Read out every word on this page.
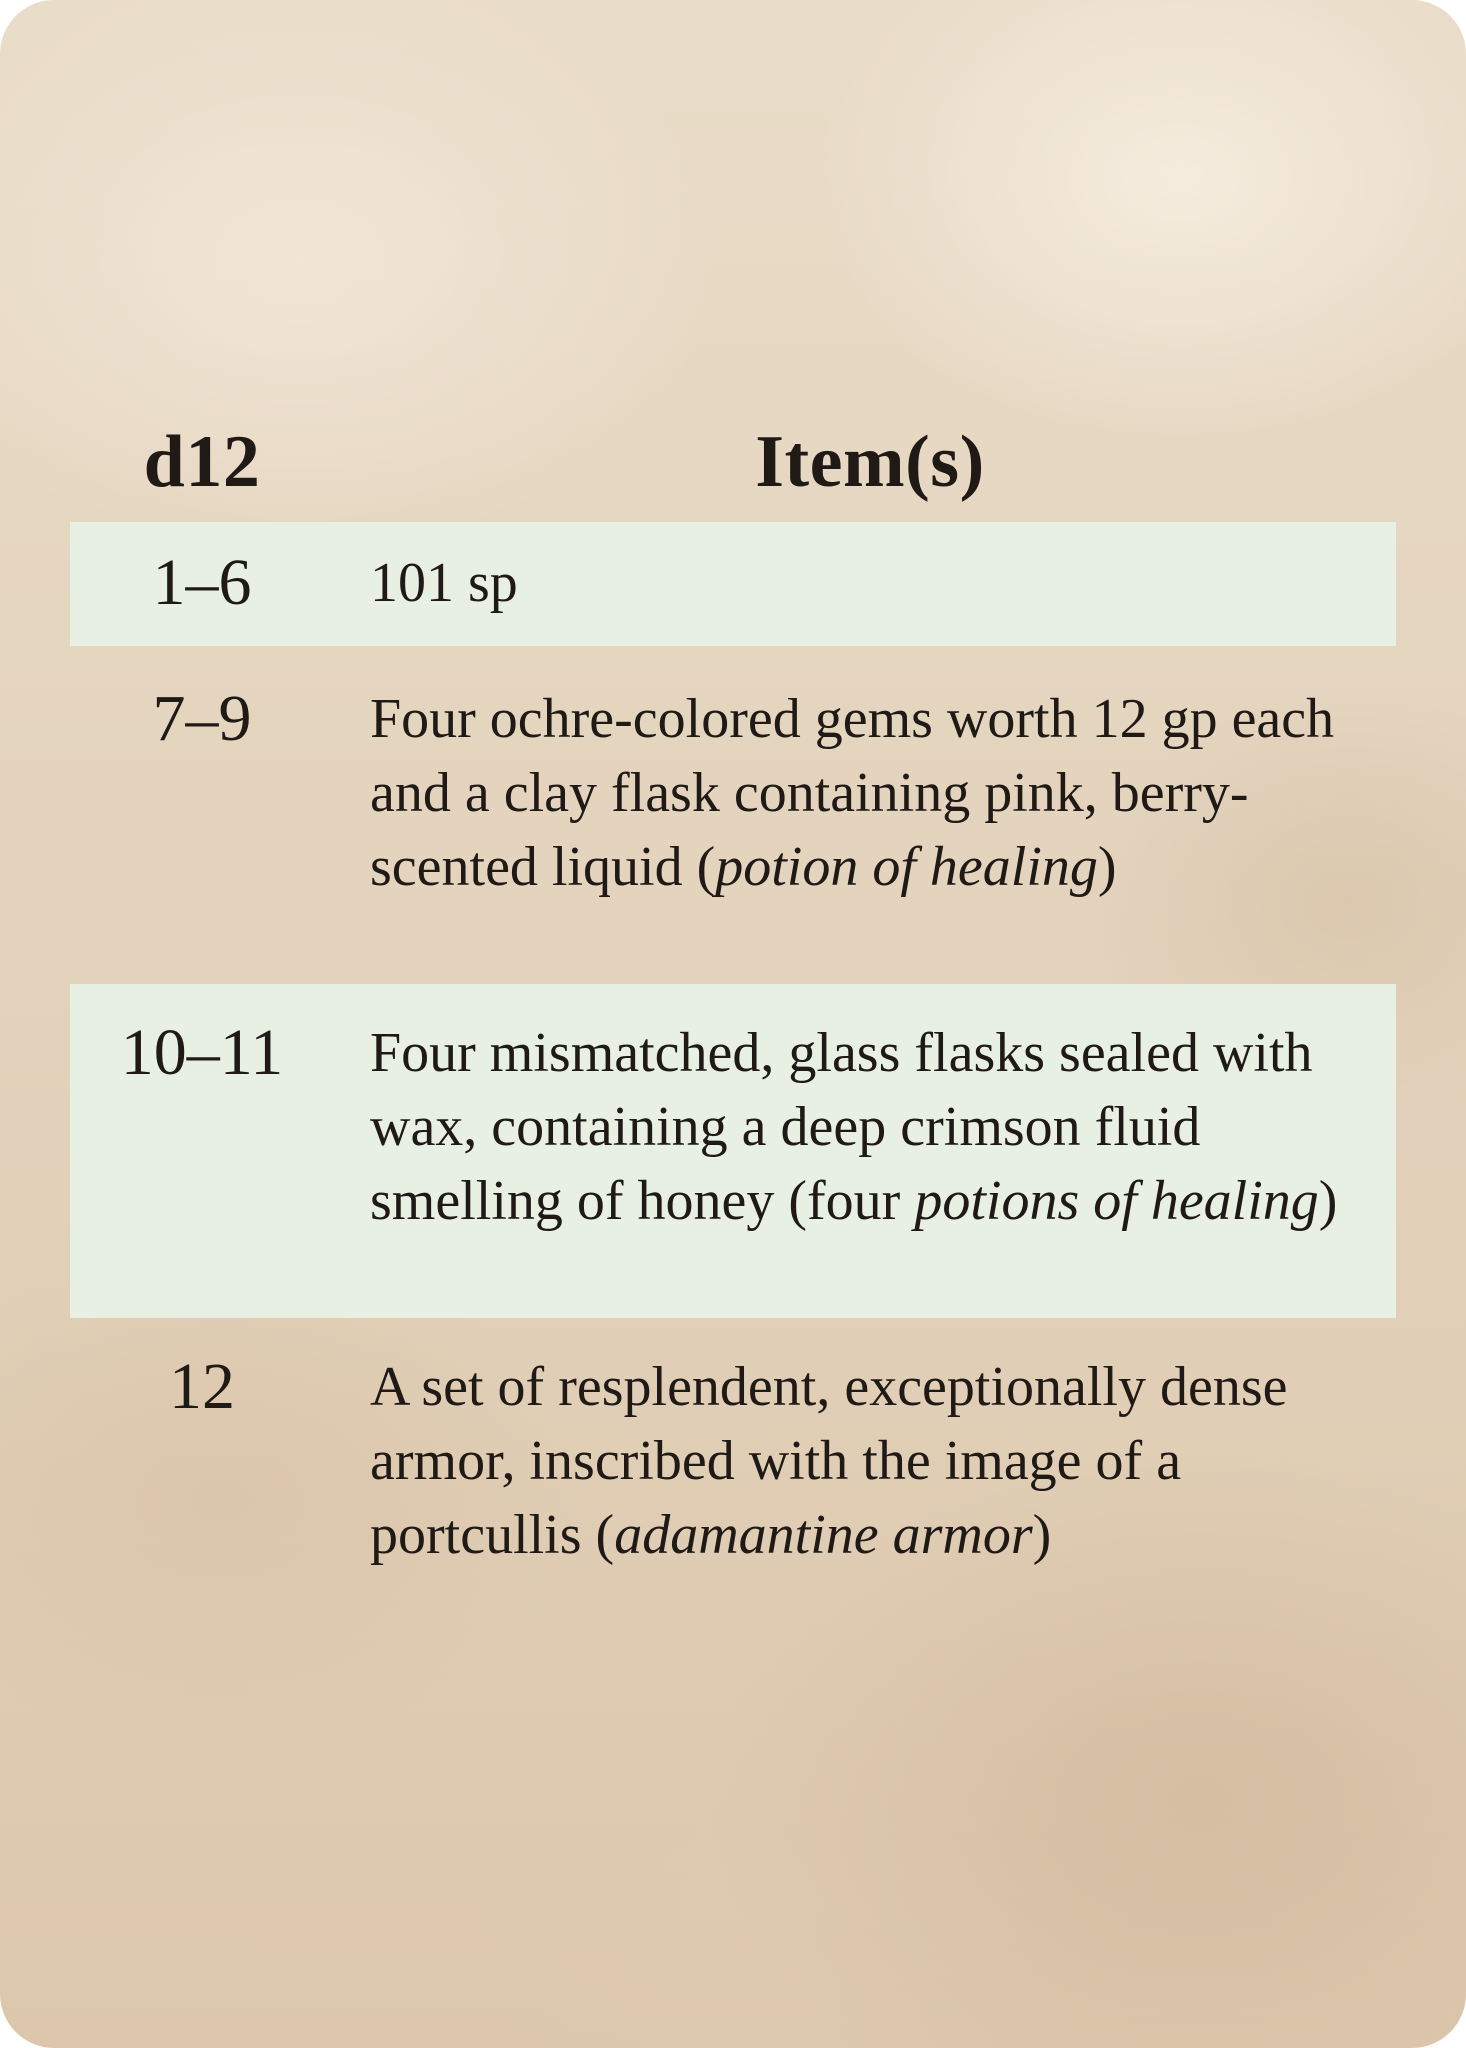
d12	Item(s)
1–6	101 sp
7–9	Four ochre-colored gems worth 12 gp each and a clay flask containing pink, berry-scented liquid (potion of healing)
10–11	Four mismatched, glass flasks sealed with wax, containing a deep crimson fluid smelling of honey (four potions of healing)
12	A set of resplendent, exceptionally dense armor, inscribed with the image of a portcullis (adamantine armor)
